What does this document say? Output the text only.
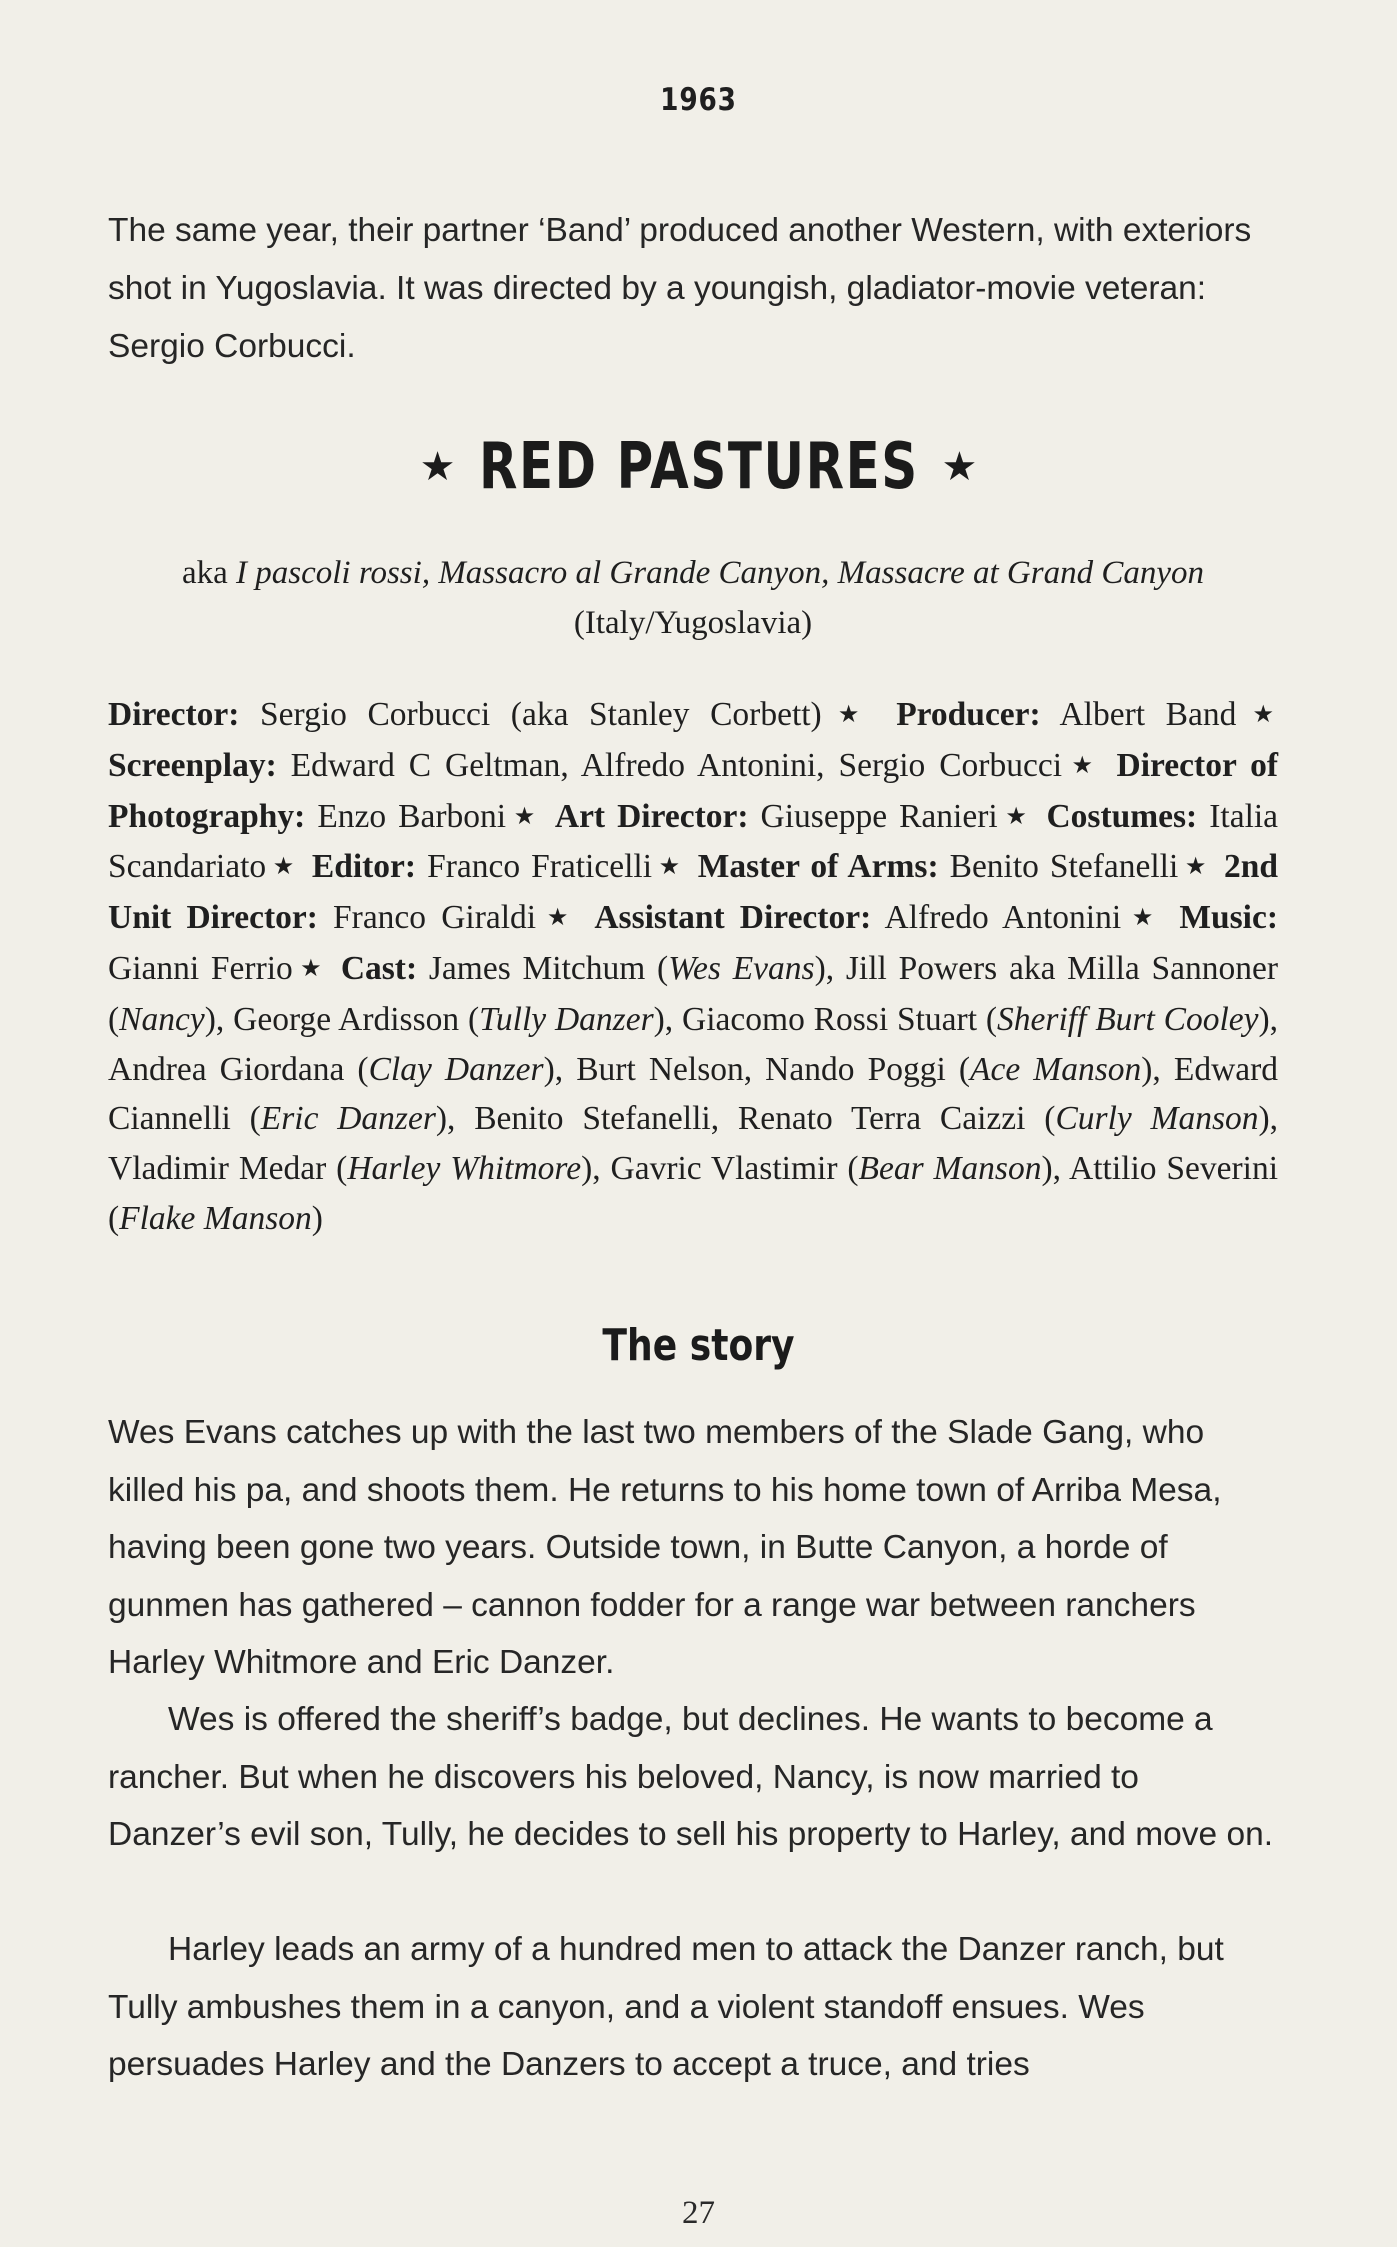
1963

The same year, their partner ‘Band’ produced another Western, with exteriors shot in Yugoslavia. It was directed by a youngish, gladiator-movie veteran: Sergio Corbucci.

★ RED PASTURES ★
aka I pascoli rossi, Massacro al Grande Canyon, Massacre at Grand Canyon
(Italy/Yugoslavia)

Director: Sergio Corbucci (aka Stanley Corbett) ★ Producer: Albert Band ★ Screenplay: Edward C Geltman, Alfredo Antonini, Sergio Corbucci ★ Director of Photography: Enzo Barboni ★ Art Director: Giuseppe Ranieri ★ Costumes: Italia Scandariato ★ Editor: Franco Fraticelli ★ Master of Arms: Benito Stefanelli ★ 2nd Unit Director: Franco Giraldi ★ Assistant Director: Alfredo Antonini ★ Music: Gianni Ferrio ★ Cast: James Mitchum (Wes Evans), Jill Powers aka Milla Sannoner (Nancy), George Ardisson (Tully Danzer), Giacomo Rossi Stuart (Sheriff Burt Cooley), Andrea Giordana (Clay Danzer), Burt Nelson, Nando Poggi (Ace Manson), Edward Ciannelli (Eric Danzer), Benito Stefanelli, Renato Terra Caizzi (Curly Manson), Vladimir Medar (Harley Whitmore), Gavric Vlastimir (Bear Manson), Attilio Severini (Flake Manson)

The story

Wes Evans catches up with the last two members of the Slade Gang, who killed his pa, and shoots them. He returns to his home town of Arriba Mesa, having been gone two years. Outside town, in Butte Canyon, a horde of gunmen has gathered – cannon fodder for a range war between ranchers Harley Whitmore and Eric Danzer.

Wes is offered the sheriff’s badge, but declines. He wants to become a rancher. But when he discovers his beloved, Nancy, is now married to Danzer’s evil son, Tully, he decides to sell his property to Harley, and move on.

Harley leads an army of a hundred men to attack the Danzer ranch, but Tully ambushes them in a canyon, and a violent standoff ensues. Wes persuades Harley and the Danzers to accept a truce, and tries

27
